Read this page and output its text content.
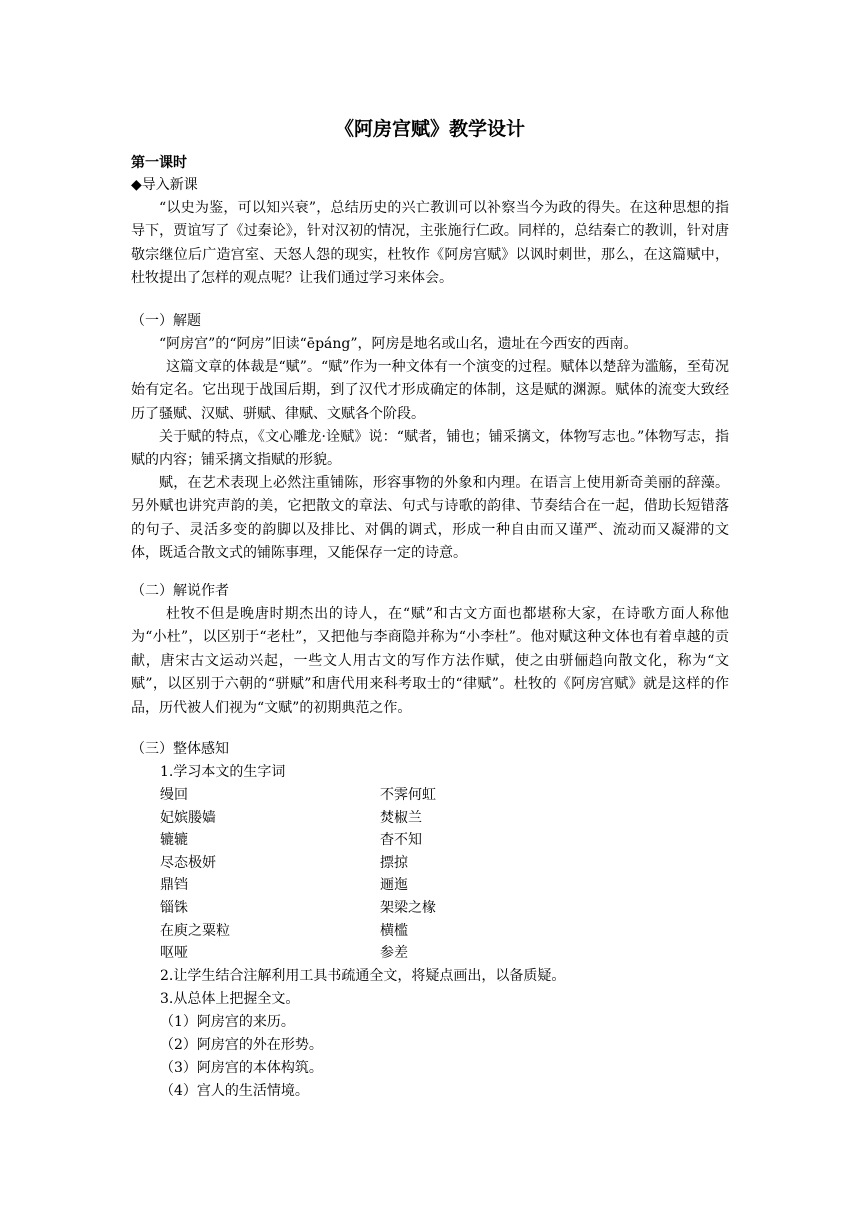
《阿房宫赋》教学设计
第一课时
◆导入新课
“以史为鉴，可以知兴衰”，总结历史的兴亡教训可以补察当今为政的得失。在这种思想的指导下，贾谊写了《过秦论》，针对汉初的情况，主张施行仁政。同样的，总结秦亡的教训，针对唐敬宗继位后广造宫室、天怒人怨的现实，杜牧作《阿房宫赋》以讽时刺世，那么，在这篇赋中，杜牧提出了怎样的观点呢？让我们通过学习来体会。
（一）解题
“阿房宫”的“阿房”旧读“ēpáng”，阿房是地名或山名，遗址在今西安的西南。
这篇文章的体裁是“赋”。“赋”作为一种文体有一个演变的过程。赋体以楚辞为滥觞，至荀况始有定名。它出现于战国后期，到了汉代才形成确定的体制，这是赋的渊源。赋体的流变大致经历了骚赋、汉赋、骈赋、律赋、文赋各个阶段。
关于赋的特点，《文心雕龙·诠赋》说：“赋者，铺也；铺采摛文，体物写志也。”体物写志，指赋的内容；铺采摛文指赋的形貌。
赋，在艺术表现上必然注重铺陈，形容事物的外象和内理。在语言上使用新奇美丽的辞藻。另外赋也讲究声韵的美，它把散文的章法、句式与诗歌的韵律、节奏结合在一起，借助长短错落的句子、灵活多变的韵脚以及排比、对偶的调式，形成一种自由而又谨严、流动而又凝滞的文体，既适合散文式的铺陈事理，又能保存一定的诗意。
（二）解说作者
杜牧不但是晚唐时期杰出的诗人，在“赋”和古文方面也都堪称大家，在诗歌方面人称他为“小杜”，以区别于“老杜”，又把他与李商隐并称为“小李杜”。他对赋这种文体也有着卓越的贡献，唐宋古文运动兴起，一些文人用古文的写作方法作赋，使之由骈俪趋向散文化，称为“文赋”，以区别于六朝的“骈赋”和唐代用来科考取士的“律赋”。杜牧的《阿房宫赋》就是这样的作品，历代被人们视为“文赋”的初期典范之作。
（三）整体感知
1.学习本文的生字词
缦回	不霁何虹
妃嫔媵嫱	焚椒兰
辘辘	杳不知
尽态极妍	摽掠
鼎铛	逦迤
锱铢	架梁之椽
在庾之粟粒	横槛
呕哑	参差
2.让学生结合注解利用工具书疏通全文，将疑点画出，以备质疑。
3.从总体上把握全文。
（1）阿房宫的来历。
（2）阿房宫的外在形势。
（3）阿房宫的本体构筑。
（4）宫人的生活情境。
